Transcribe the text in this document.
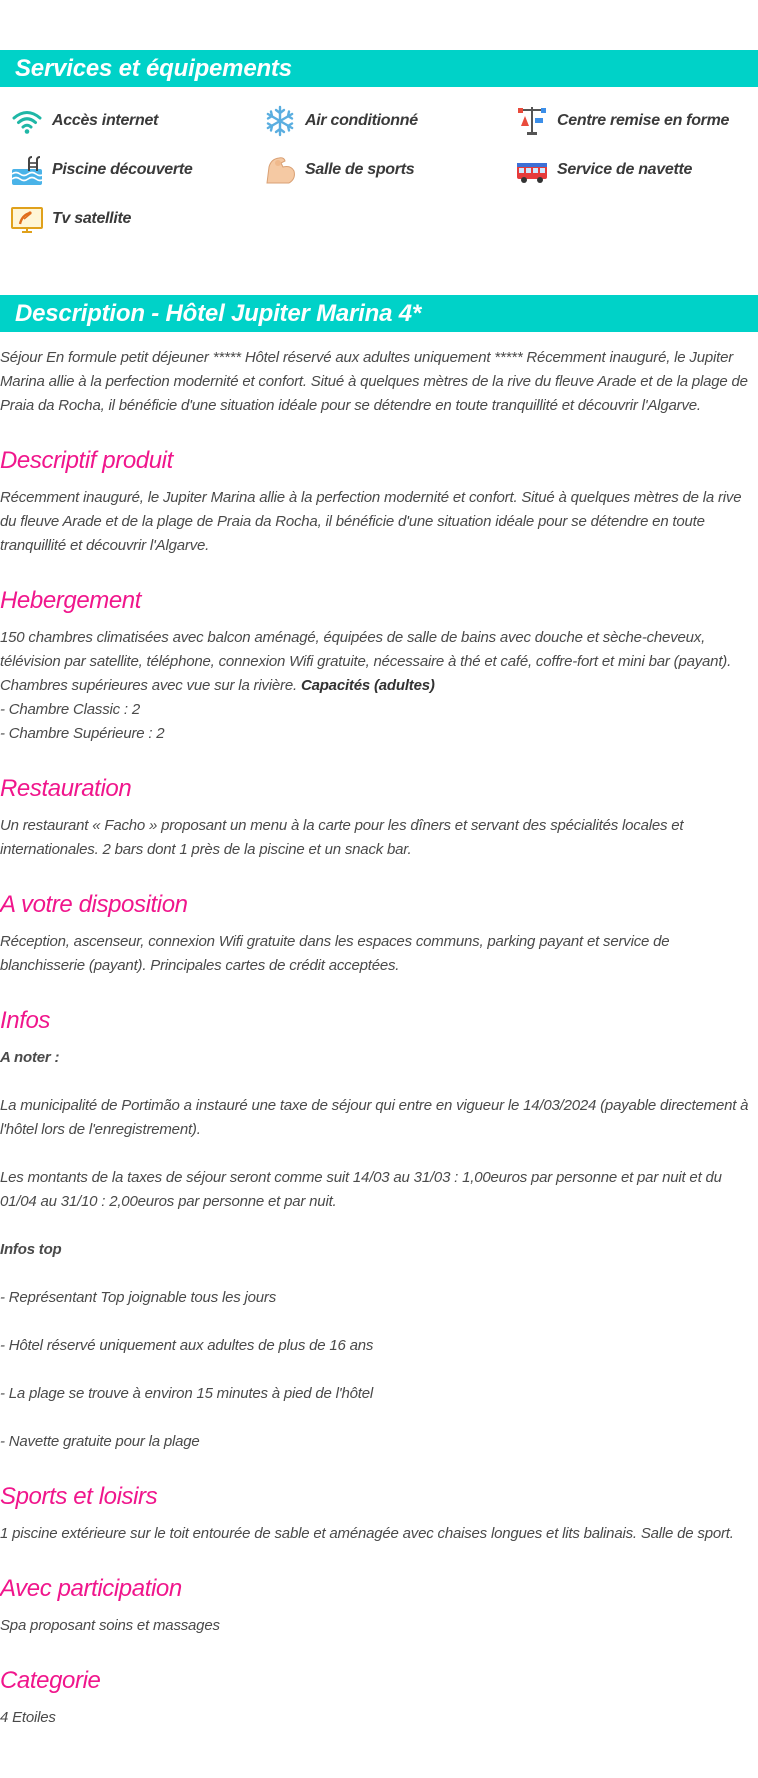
Services et équipements
Accès internet	Air conditionné	Centre remise en forme
Piscine découverte	Salle de sports	Service de navette
Tv satellite
Description - Hôtel Jupiter Marina 4*

Séjour En formule petit déjeuner ***** Hôtel réservé aux adultes uniquement ***** Récemment inauguré, le Jupiter Marina allie à la perfection modernité et confort. Situé à quelques mètres de la rive du fleuve Arade et de la plage de Praia da Rocha, il bénéficie d'une situation idéale pour se détendre en toute tranquillité et découvrir l'Algarve.

Descriptif produit

Récemment inauguré, le Jupiter Marina allie à la perfection modernité et confort. Situé à quelques mètres de la rive du fleuve Arade et de la plage de Praia da Rocha, il bénéficie d'une situation idéale pour se détendre en toute tranquillité et découvrir l'Algarve.

Hebergement

150 chambres climatisées avec balcon aménagé, équipées de salle de bains avec douche et sèche-cheveux, télévision par satellite, téléphone, connexion Wifi gratuite, nécessaire à thé et café, coffre-fort et mini bar (payant). Chambres supérieures avec vue sur la rivière. Capacités (adultes)

- Chambre Classic : 2

- Chambre Supérieure : 2

Restauration

Un restaurant « Facho » proposant un menu à la carte pour les dîners et servant des spécialités locales et internationales. 2 bars dont 1 près de la piscine et un snack bar.

A votre disposition

Réception, ascenseur, connexion Wifi gratuite dans les espaces communs, parking payant et service de blanchisserie (payant). Principales cartes de crédit acceptées.

Infos

A noter :

La municipalité de Portimão a instauré une taxe de séjour qui entre en vigueur le 14/03/2024 (payable directement à l'hôtel lors de l'enregistrement).

Les montants de la taxes de séjour seront comme suit 14/03 au 31/03 : 1,00euros par personne et par nuit et du 01/04 au 31/10 : 2,00euros par personne et par nuit.

Infos top

- Représentant Top joignable tous les jours

- Hôtel réservé uniquement aux adultes de plus de 16 ans

- La plage se trouve à environ 15 minutes à pied de l'hôtel

- Navette gratuite pour la plage

Sports et loisirs

1 piscine extérieure sur le toit entourée de sable et aménagée avec chaises longues et lits balinais. Salle de sport.

Avec participation

Spa proposant soins et massages

Categorie

4 Etoiles
